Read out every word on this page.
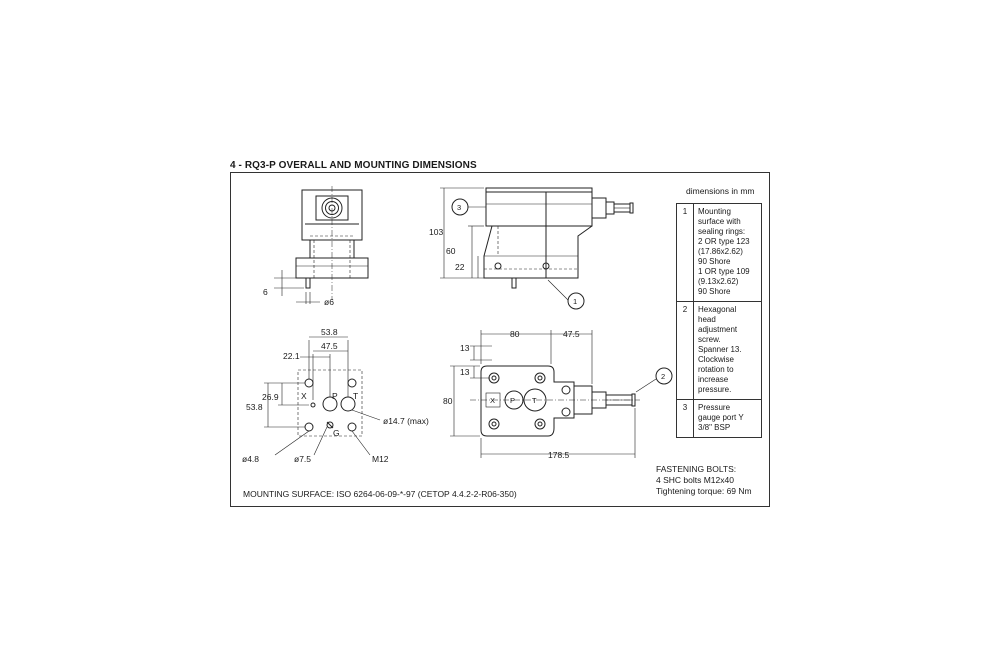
4 - RQ3-P OVERALL AND MOUNTING DIMENSIONS
dimensions in mm
6
ø6
103
60
22
3
1
53.8
47.5
22.1
26.9
53.8
X	P T
G
ø14.7 (max)
ø4.8	ø7.5	M12
80	47.5
13
13
80
178.5
X P T
2
1	Mounting
surface with
sealing rings:
2 OR type 123
(17.86x2.62)
90 Shore
1 OR type 109
(9.13x2.62)
90 Shore
2	Hexagonal
head
adjustment
screw.
Spanner 13.
Clockwise
rotation to
increase
pressure.
3	Pressure
gauge port Y
3/8" BSP
FASTENING BOLTS:
4 SHC bolts M12x40
Tightening torque: 69 Nm
MOUNTING SURFACE: ISO 6264-06-09-*-97 (CETOP 4.4.2-2-R06-350)
